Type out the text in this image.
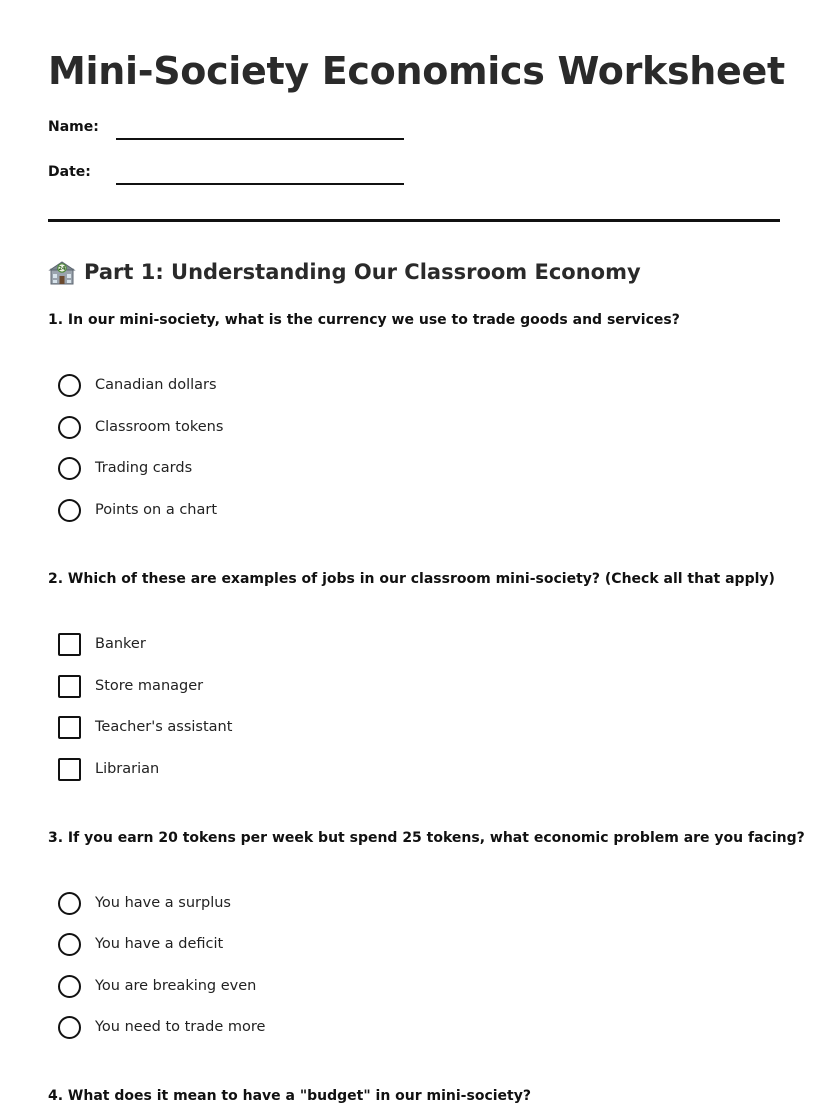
Mini-Society Economics Worksheet
Name:
Date:
24 Part 1: Understanding Our Classroom Economy
1. In our mini-society, what is the currency we use to trade goods and services?
Canadian dollars
Classroom tokens
Trading cards
Points on a chart
2. Which of these are examples of jobs in our classroom mini-society? (Check all that apply)
Banker
Store manager
Teacher's assistant
Librarian
3. If you earn 20 tokens per week but spend 25 tokens, what economic problem are you facing?
You have a surplus
You have a deficit
You are breaking even
You need to trade more
4. What does it mean to have a "budget" in our mini-society?
